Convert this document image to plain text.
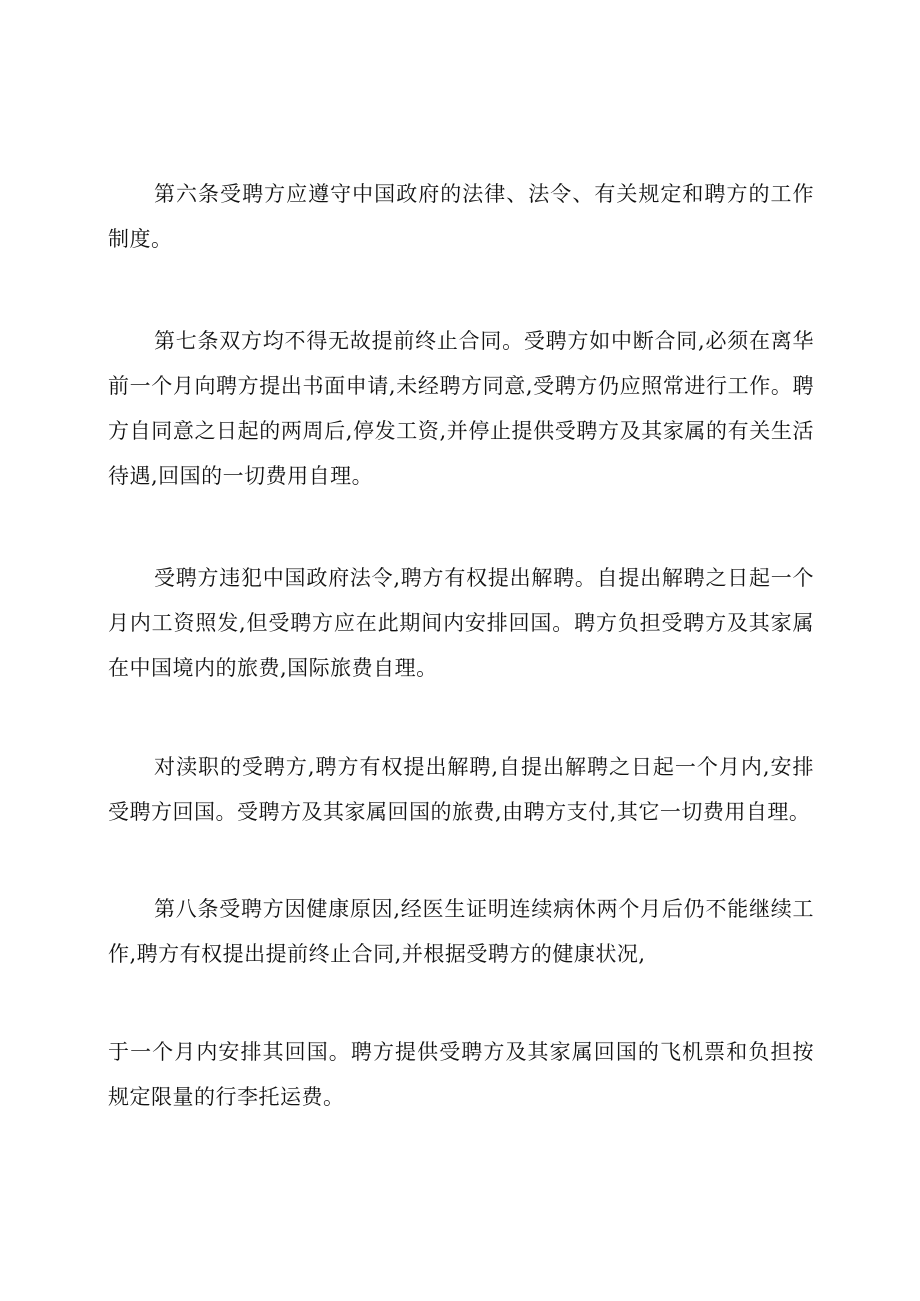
第六条受聘方应遵守中国政府的法律、法令、有关规定和聘方的工作制度。

第七条双方均不得无故提前终止合同。受聘方如中断合同,必须在离华前一个月向聘方提出书面申请,未经聘方同意,受聘方仍应照常进行工作。聘方自同意之日起的两周后,停发工资,并停止提供受聘方及其家属的有关生活待遇,回国的一切费用自理。

受聘方违犯中国政府法令,聘方有权提出解聘。自提出解聘之日起一个月内工资照发,但受聘方应在此期间内安排回国。聘方负担受聘方及其家属在中国境内的旅费,国际旅费自理。

对渎职的受聘方,聘方有权提出解聘,自提出解聘之日起一个月内,安排受聘方回国。受聘方及其家属回国的旅费,由聘方支付,其它一切费用自理。

第八条受聘方因健康原因,经医生证明连续病休两个月后仍不能继续工作,聘方有权提出提前终止合同,并根据受聘方的健康状况,

于一个月内安排其回国。聘方提供受聘方及其家属回国的飞机票和负担按规定限量的行李托运费。
